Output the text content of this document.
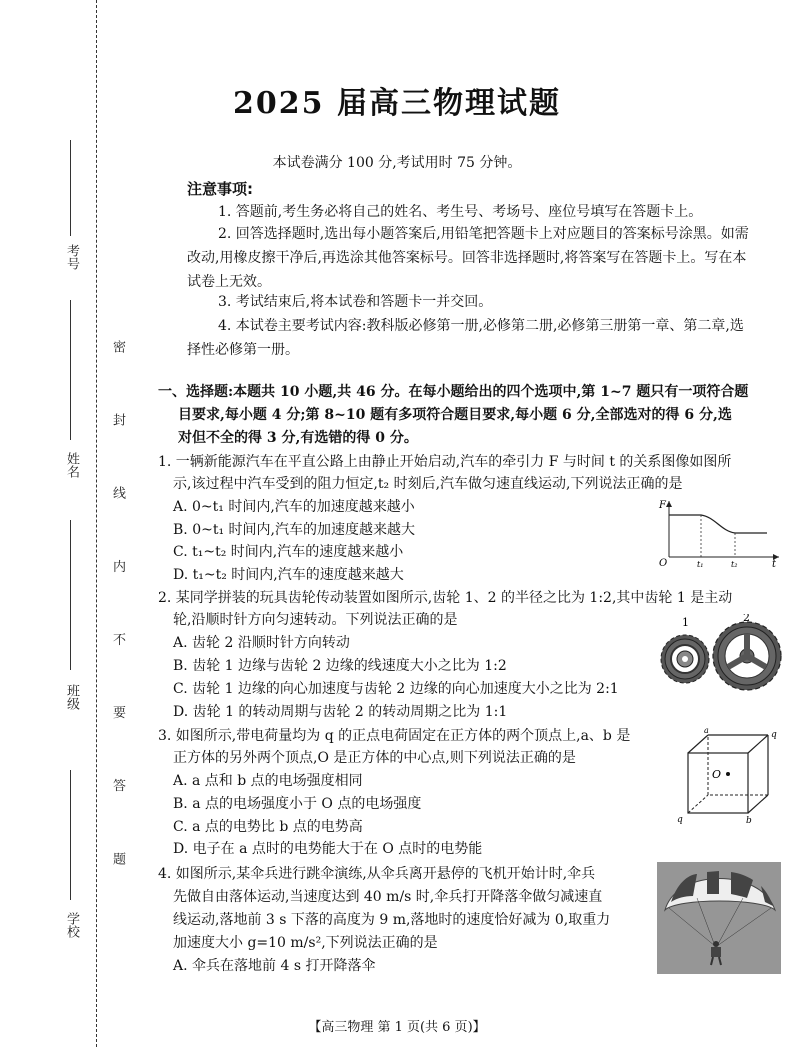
考号
姓名
班级
学校
密 封 线 内 不 要 答 题
2025 届高三物理试题
本试卷满分 100 分,考试用时 75 分钟。
注意事项:
1. 答题前,考生务必将自己的姓名、考生号、考场号、座位号填写在答题卡上。
2. 回答选择题时,选出每小题答案后,用铅笔把答题卡上对应题目的答案标号涂黑。如需改动,用橡皮擦干净后,再选涂其他答案标号。回答非选择题时,将答案写在答题卡上。写在本试卷上无效。
3. 考试结束后,将本试卷和答题卡一并交回。
4. 本试卷主要考试内容:教科版必修第一册,必修第二册,必修第三册第一章、第二章,选择性必修第一册。
一、选择题:本题共 10 小题,共 46 分。在每小题给出的四个选项中,第 1~7 题只有一项符合题
目要求,每小题 4 分;第 8~10 题有多项符合题目要求,每小题 6 分,全部选对的得 6 分,选
对但不全的得 3 分,有选错的得 0 分。
1. 一辆新能源汽车在平直公路上由静止开始启动,汽车的牵引力 F 与时间 t 的关系图像如图所
示,该过程中汽车受到的阻力恒定,t₂ 时刻后,汽车做匀速直线运动,下列说法正确的是
A. 0~t₁ 时间内,汽车的加速度越来越小
B. 0~t₁ 时间内,汽车的加速度越来越大
C. t₁~t₂ 时间内,汽车的速度越来越小
D. t₁~t₂ 时间内,汽车的速度越来越大
F
O	t
t₁	t₂
2. 某同学拼装的玩具齿轮传动装置如图所示,齿轮 1、2 的半径之比为 1:2,其中齿轮 1 是主动
轮,沿顺时针方向匀速转动。下列说法正确的是
A. 齿轮 2 沿顺时针方向转动
B. 齿轮 1 边缘与齿轮 2 边缘的线速度大小之比为 1:2
C. 齿轮 1 边缘的向心加速度与齿轮 2 边缘的向心加速度大小之比为 2:1
D. 齿轮 1 的转动周期与齿轮 2 的转动周期之比为 1:1
1	2
3. 如图所示,带电荷量均为 q 的正点电荷固定在正方体的两个顶点上,a、b 是
正方体的另外两个顶点,O 是正方体的中心点,则下列说法正确的是
A. a 点和 b 点的电场强度相同
B. a 点的电场强度小于 O 点的电场强度
C. a 点的电势比 b 点的电势高
D. 电子在 a 点时的电势能大于在 O 点时的电势能
O
a	q
q	b
4. 如图所示,某伞兵进行跳伞演练,从伞兵离开悬停的飞机开始计时,伞兵
先做自由落体运动,当速度达到 40 m/s 时,伞兵打开降落伞做匀减速直
线运动,落地前 3 s 下落的高度为 9 m,落地时的速度恰好减为 0,取重力
加速度大小 g=10 m/s²,下列说法正确的是
A. 伞兵在落地前 4 s 打开降落伞
【高三物理 第 1 页(共 6 页)】
